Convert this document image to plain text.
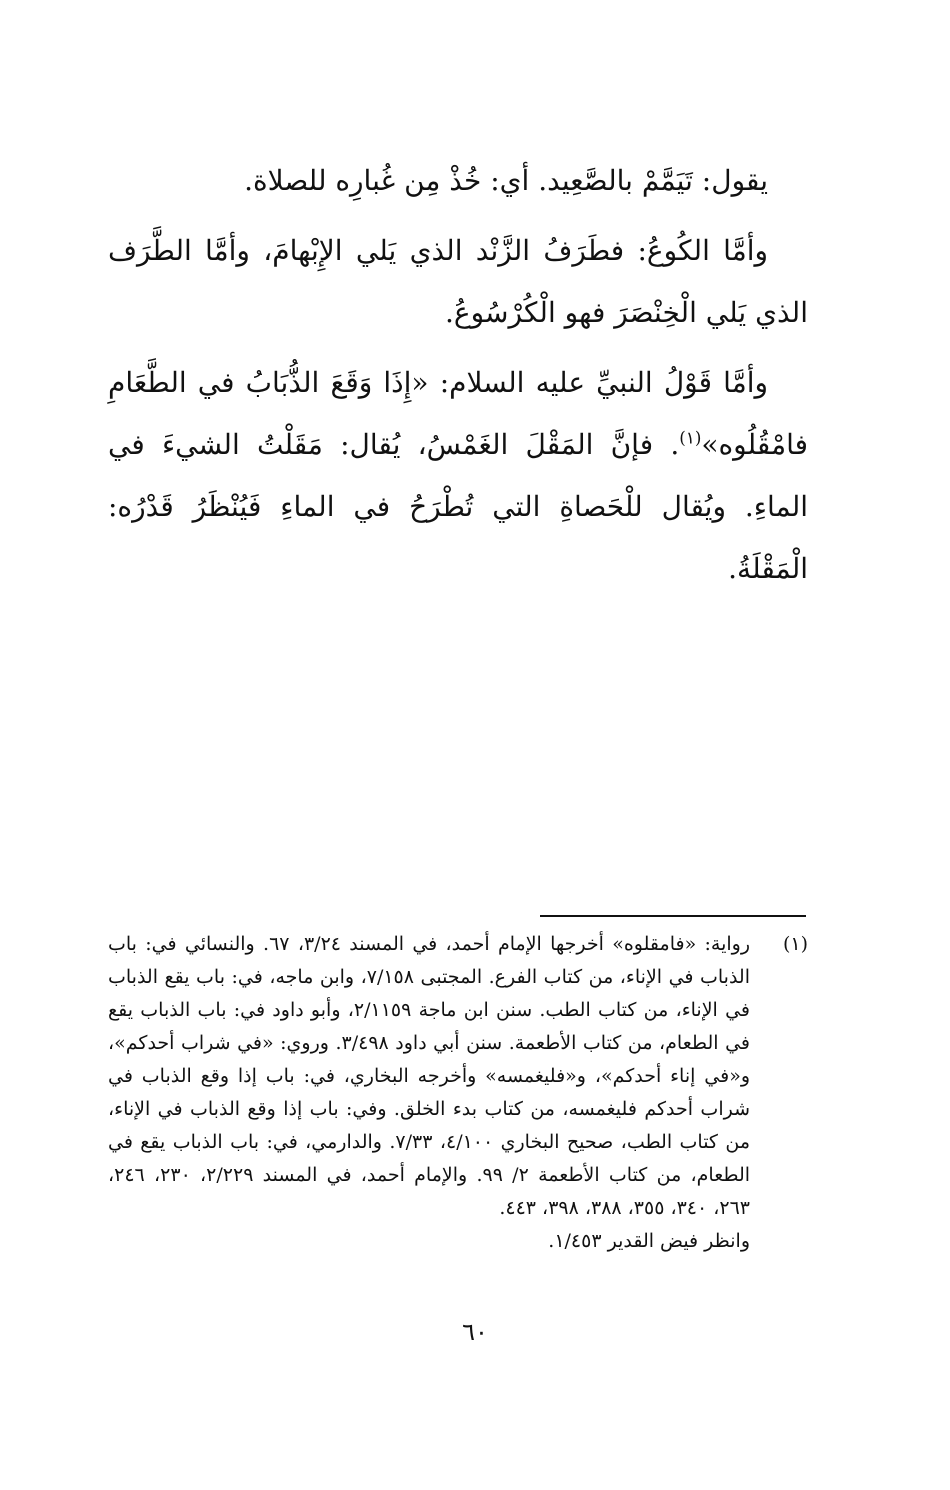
يقول: تَيَمَّمْ بالصَّعِيد. أي: خُذْ مِن غُبارِه للصلاة.

وأمَّا الكُوعُ: فطَرَفُ الزَّنْد الذي يَلي الإِبْهامَ، وأمَّا الطَّرَف الذي يَلي الْخِنْصَرَ فهو الْكُرْسُوعُ.

وأمَّا قَوْلُ النبيِّ عليه السلام: «إِذَا وَقَعَ الذُّبَابُ في الطَّعَامِ فامْقُلُوه»$^{(١)}$. فإنَّ المَقْلَ الغَمْسُ، يُقال: مَقَلْتُ الشيءَ في الماءِ. ويُقال للْحَصاةِ التي تُطْرَحُ في الماءِ فَيُنْظَرُ قَدْرُه: الْمَقْلَةُ.

(١)
رواية: «فامقلوه» أخرجها الإمام أحمد، في المسند ٣/٢٤، ٦٧. والنسائي في: باب الذباب في الإناء، من كتاب الفرع. المجتبى ٧/١٥٨، وابن ماجه، في: باب يقع الذباب في الإناء، من كتاب الطب. سنن ابن ماجة ٢/١١٥٩، وأبو داود في: باب الذباب يقع في الطعام، من كتاب الأطعمة. سنن أبي داود ٣/٤٩٨. وروي: «في شراب أحدكم»، و«في إناء أحدكم»، و«فليغمسه» وأخرجه البخاري، في: باب إذا وقع الذباب في شراب أحدكم فليغمسه، من كتاب بدء الخلق. وفي: باب إذا وقع الذباب في الإناء، من كتاب الطب، صحيح البخاري ٤/١٠٠، ٧/٣٣. والدارمي، في: باب الذباب يقع في الطعام، من كتاب الأطعمة ٢/ ٩٩. والإمام أحمد، في المسند ٢/٢٢٩، ٢٣٠، ٢٤٦، ٢٦٣، ٣٤٠، ٣٥٥، ٣٨٨، ٣٩٨، ٤٤٣.
وانظر فيض القدير ١/٤٥٣.
٦٠
